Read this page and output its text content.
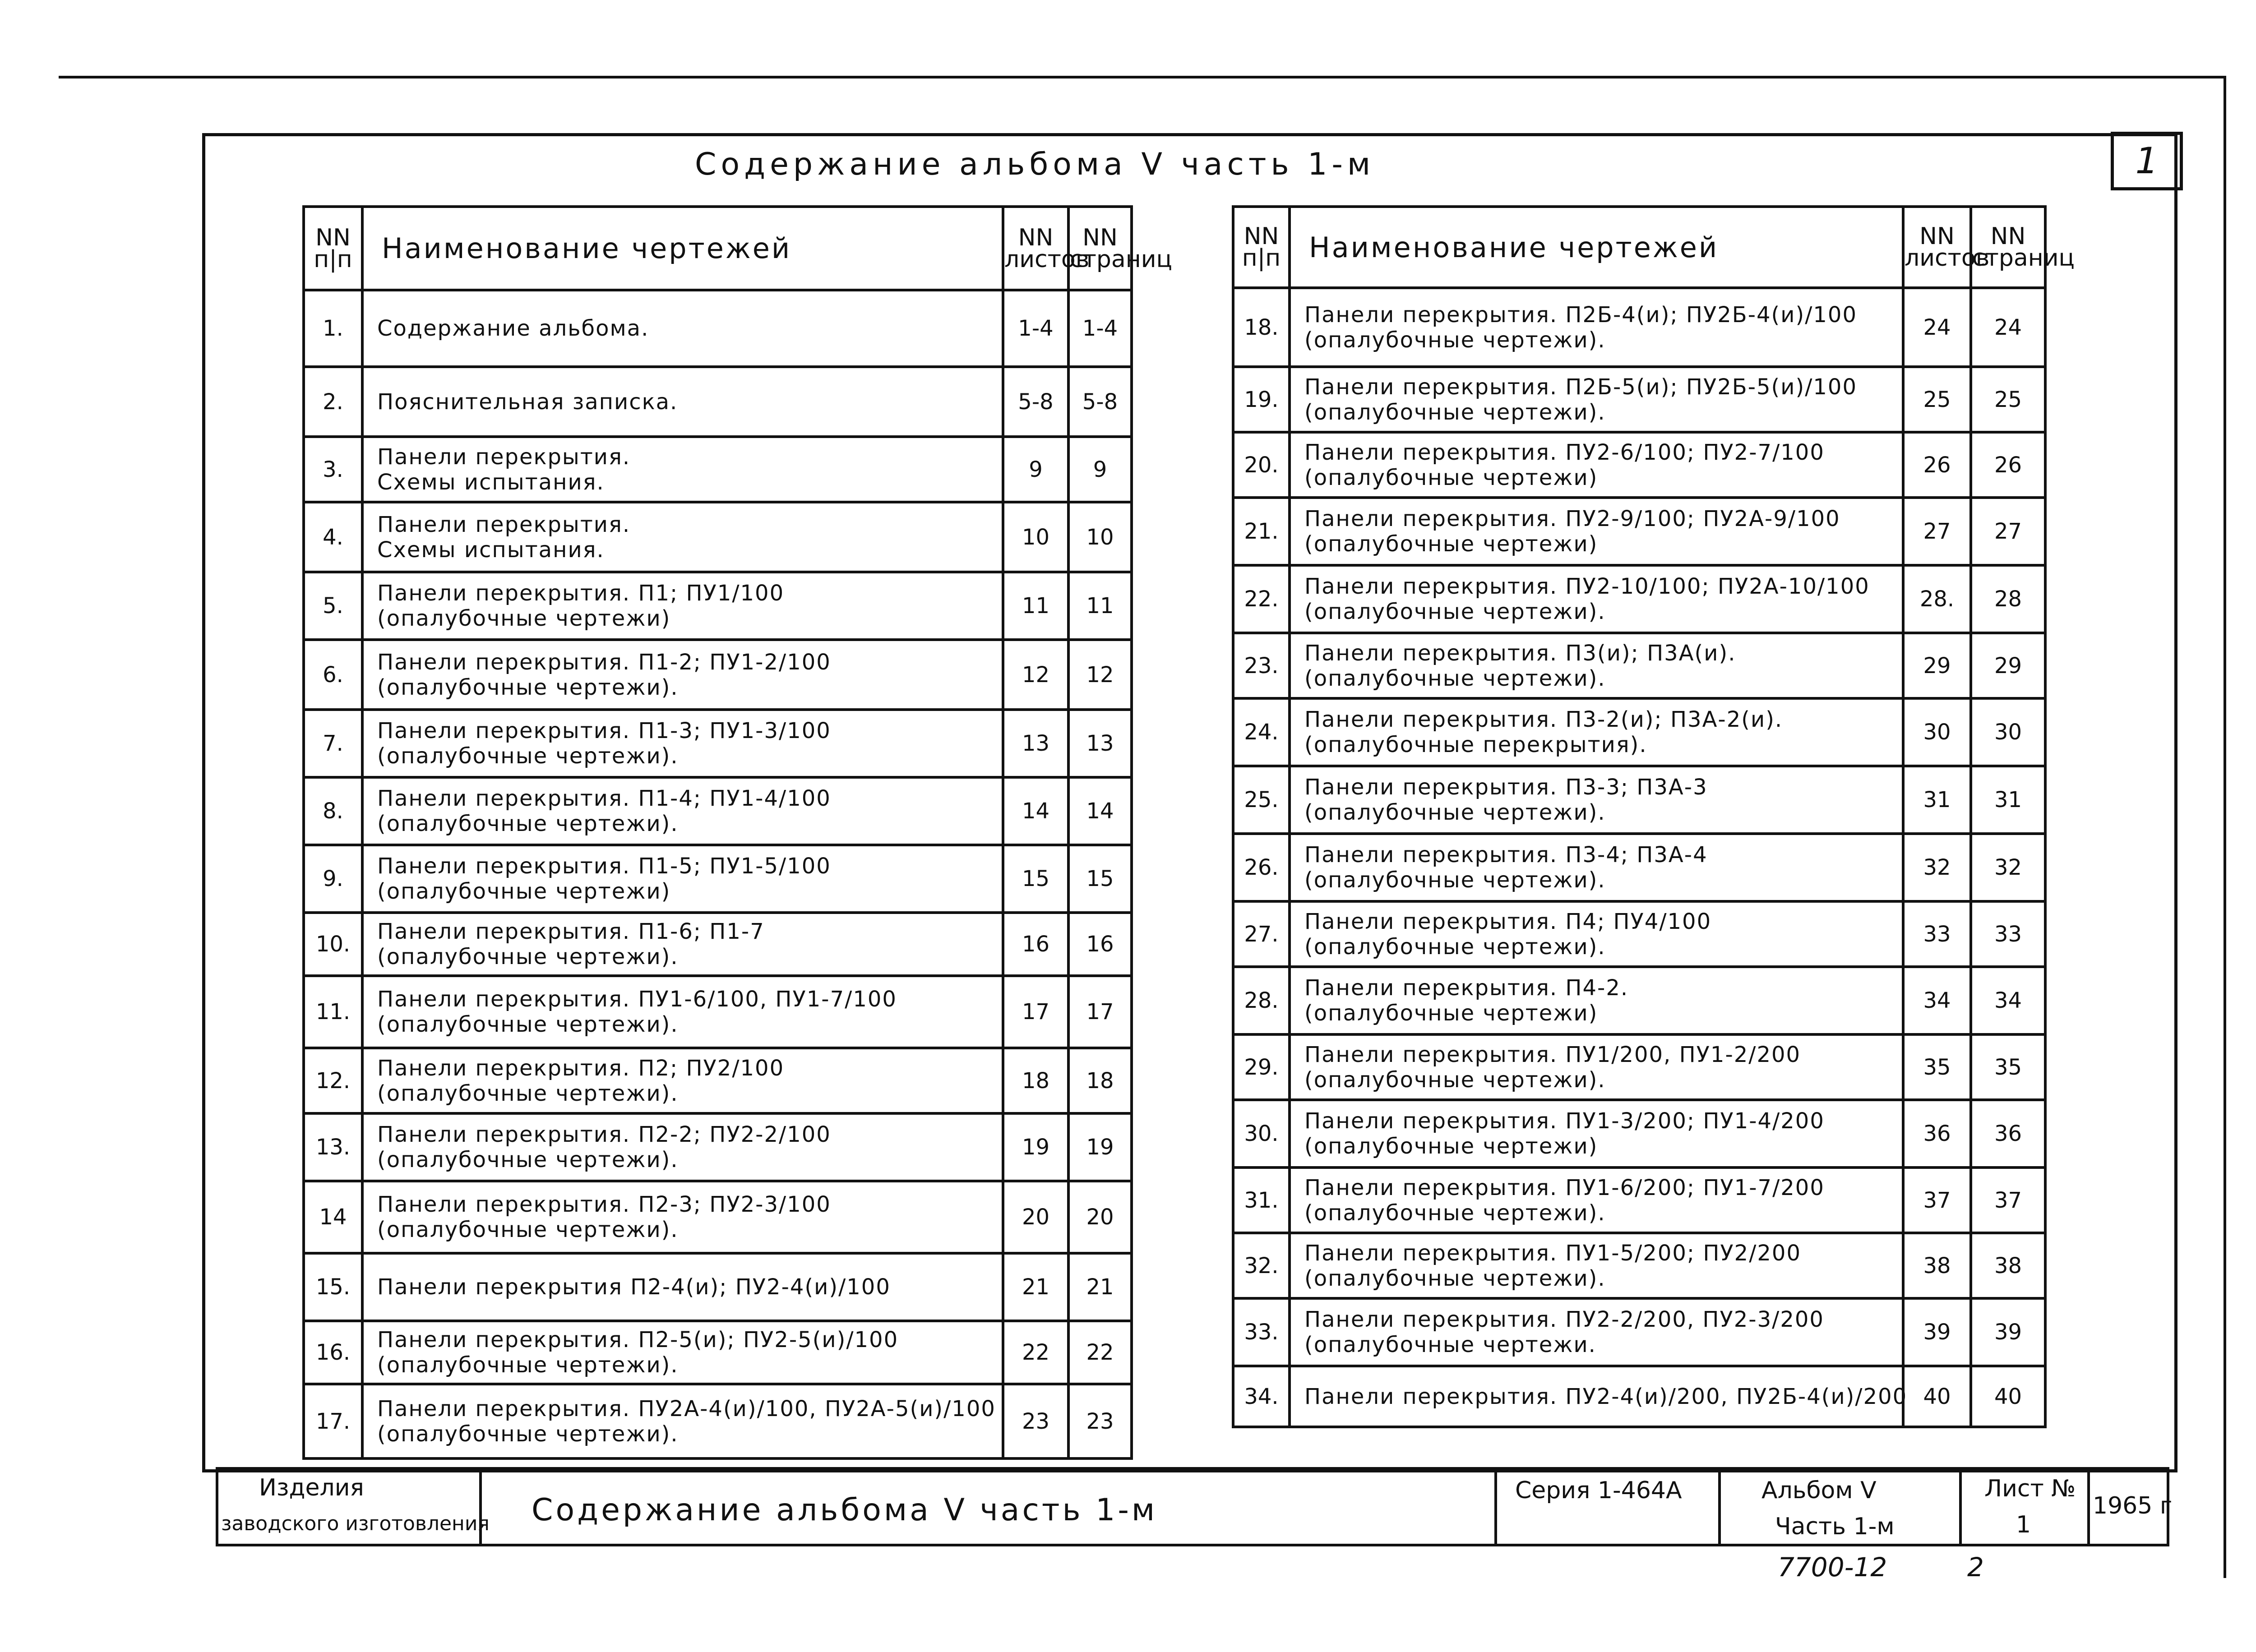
Содержание альбома Ⅴ часть 1-м	1
NN п|п	Наименование чертежей	NN листов	NN страниц
1.	Содержание альбома.	1-4	1-4
2.	Пояснительная записка.	5-8	5-8
3.	Панели перекрытия.
Схемы испытания.	9	9
4.	Панели перекрытия.
Схемы испытания.	10	10
5.	Панели перекрытия. П1; ПУ1/100
(опалубочные чертежи)	11	11
6.	Панели перекрытия. П1-2; ПУ1-2/100
(опалубочные чертежи).	12	12
7.	Панели перекрытия. П1-3; ПУ1-3/100
(опалубочные чертежи).	13	13
8.	Панели перекрытия. П1-4; ПУ1-4/100
(опалубочные чертежи).	14	14
9.	Панели перекрытия. П1-5; ПУ1-5/100
(опалубочные чертежи)	15	15
10.	Панели перекрытия. П1-6; П1-7
(опалубочные чертежи).	16	16
11.	Панели перекрытия. ПУ1-6/100, ПУ1-7/100
(опалубочные чертежи).	17	17
12.	Панели перекрытия. П2; ПУ2/100
(опалубочные чертежи).	18	18
13.	Панели перекрытия. П2-2; ПУ2-2/100
(опалубочные чертежи).	19	19
14	Панели перекрытия. П2-3; ПУ2-3/100
(опалубочные чертежи).	20	20
15.	Панели перекрытия П2-4(и); ПУ2-4(и)/100	21	21
16.	Панели перекрытия. П2-5(и); ПУ2-5(и)/100
(опалубочные чертежи).	22	22
17.	Панели перекрытия. ПУ2А-4(и)/100, ПУ2А-5(и)/100
(опалубочные чертежи).	23	23
NN п|п	Наименование чертежей	NN листов	NN страниц
18.	Панели перекрытия. П2Б-4(и); ПУ2Б-4(и)/100
(опалубочные чертежи).	24	24
19.	Панели перекрытия. П2Б-5(и); ПУ2Б-5(и)/100
(опалубочные чертежи).	25	25
20.	Панели перекрытия. ПУ2-6/100; ПУ2-7/100
(опалубочные чертежи)	26	26
21.	Панели перекрытия. ПУ2-9/100; ПУ2А-9/100
(опалубочные чертежи)	27	27
22.	Панели перекрытия. ПУ2-10/100; ПУ2А-10/100
(опалубочные чертежи).	28.	28
23.	Панели перекрытия. П3(и); П3А(и).
(опалубочные чертежи).	29	29
24.	Панели перекрытия. П3-2(и); П3А-2(и).
(опалубочные перекрытия).	30	30
25.	Панели перекрытия. П3-3; П3А-3
(опалубочные чертежи).	31	31
26.	Панели перекрытия. П3-4; П3А-4
(опалубочные чертежи).	32	32
27.	Панели перекрытия. П4; ПУ4/100
(опалубочные чертежи).	33	33
28.	Панели перекрытия. П4-2.
(опалубочные чертежи)	34	34
29.	Панели перекрытия. ПУ1/200, ПУ1-2/200
(опалубочные чертежи).	35	35
30.	Панели перекрытия. ПУ1-3/200; ПУ1-4/200
(опалубочные чертежи)	36	36
31.	Панели перекрытия. ПУ1-6/200; ПУ1-7/200
(опалубочные чертежи).	37	37
32.	Панели перекрытия. ПУ1-5/200; ПУ2/200
(опалубочные чертежи).	38	38
33.	Панели перекрытия. ПУ2-2/200, ПУ2-3/200
(опалубочные чертежи.	39	39
34.	Панели перекрытия. ПУ2-4(и)/200, ПУ2Б-4(и)/200	40	40
Изделия
заводского изготовления Содержание альбома Ⅴ часть 1-м
Серия 1-464А	Альбом Ⅴ
Часть 1-м
Лист №
1
1965 г
7700-12	2
